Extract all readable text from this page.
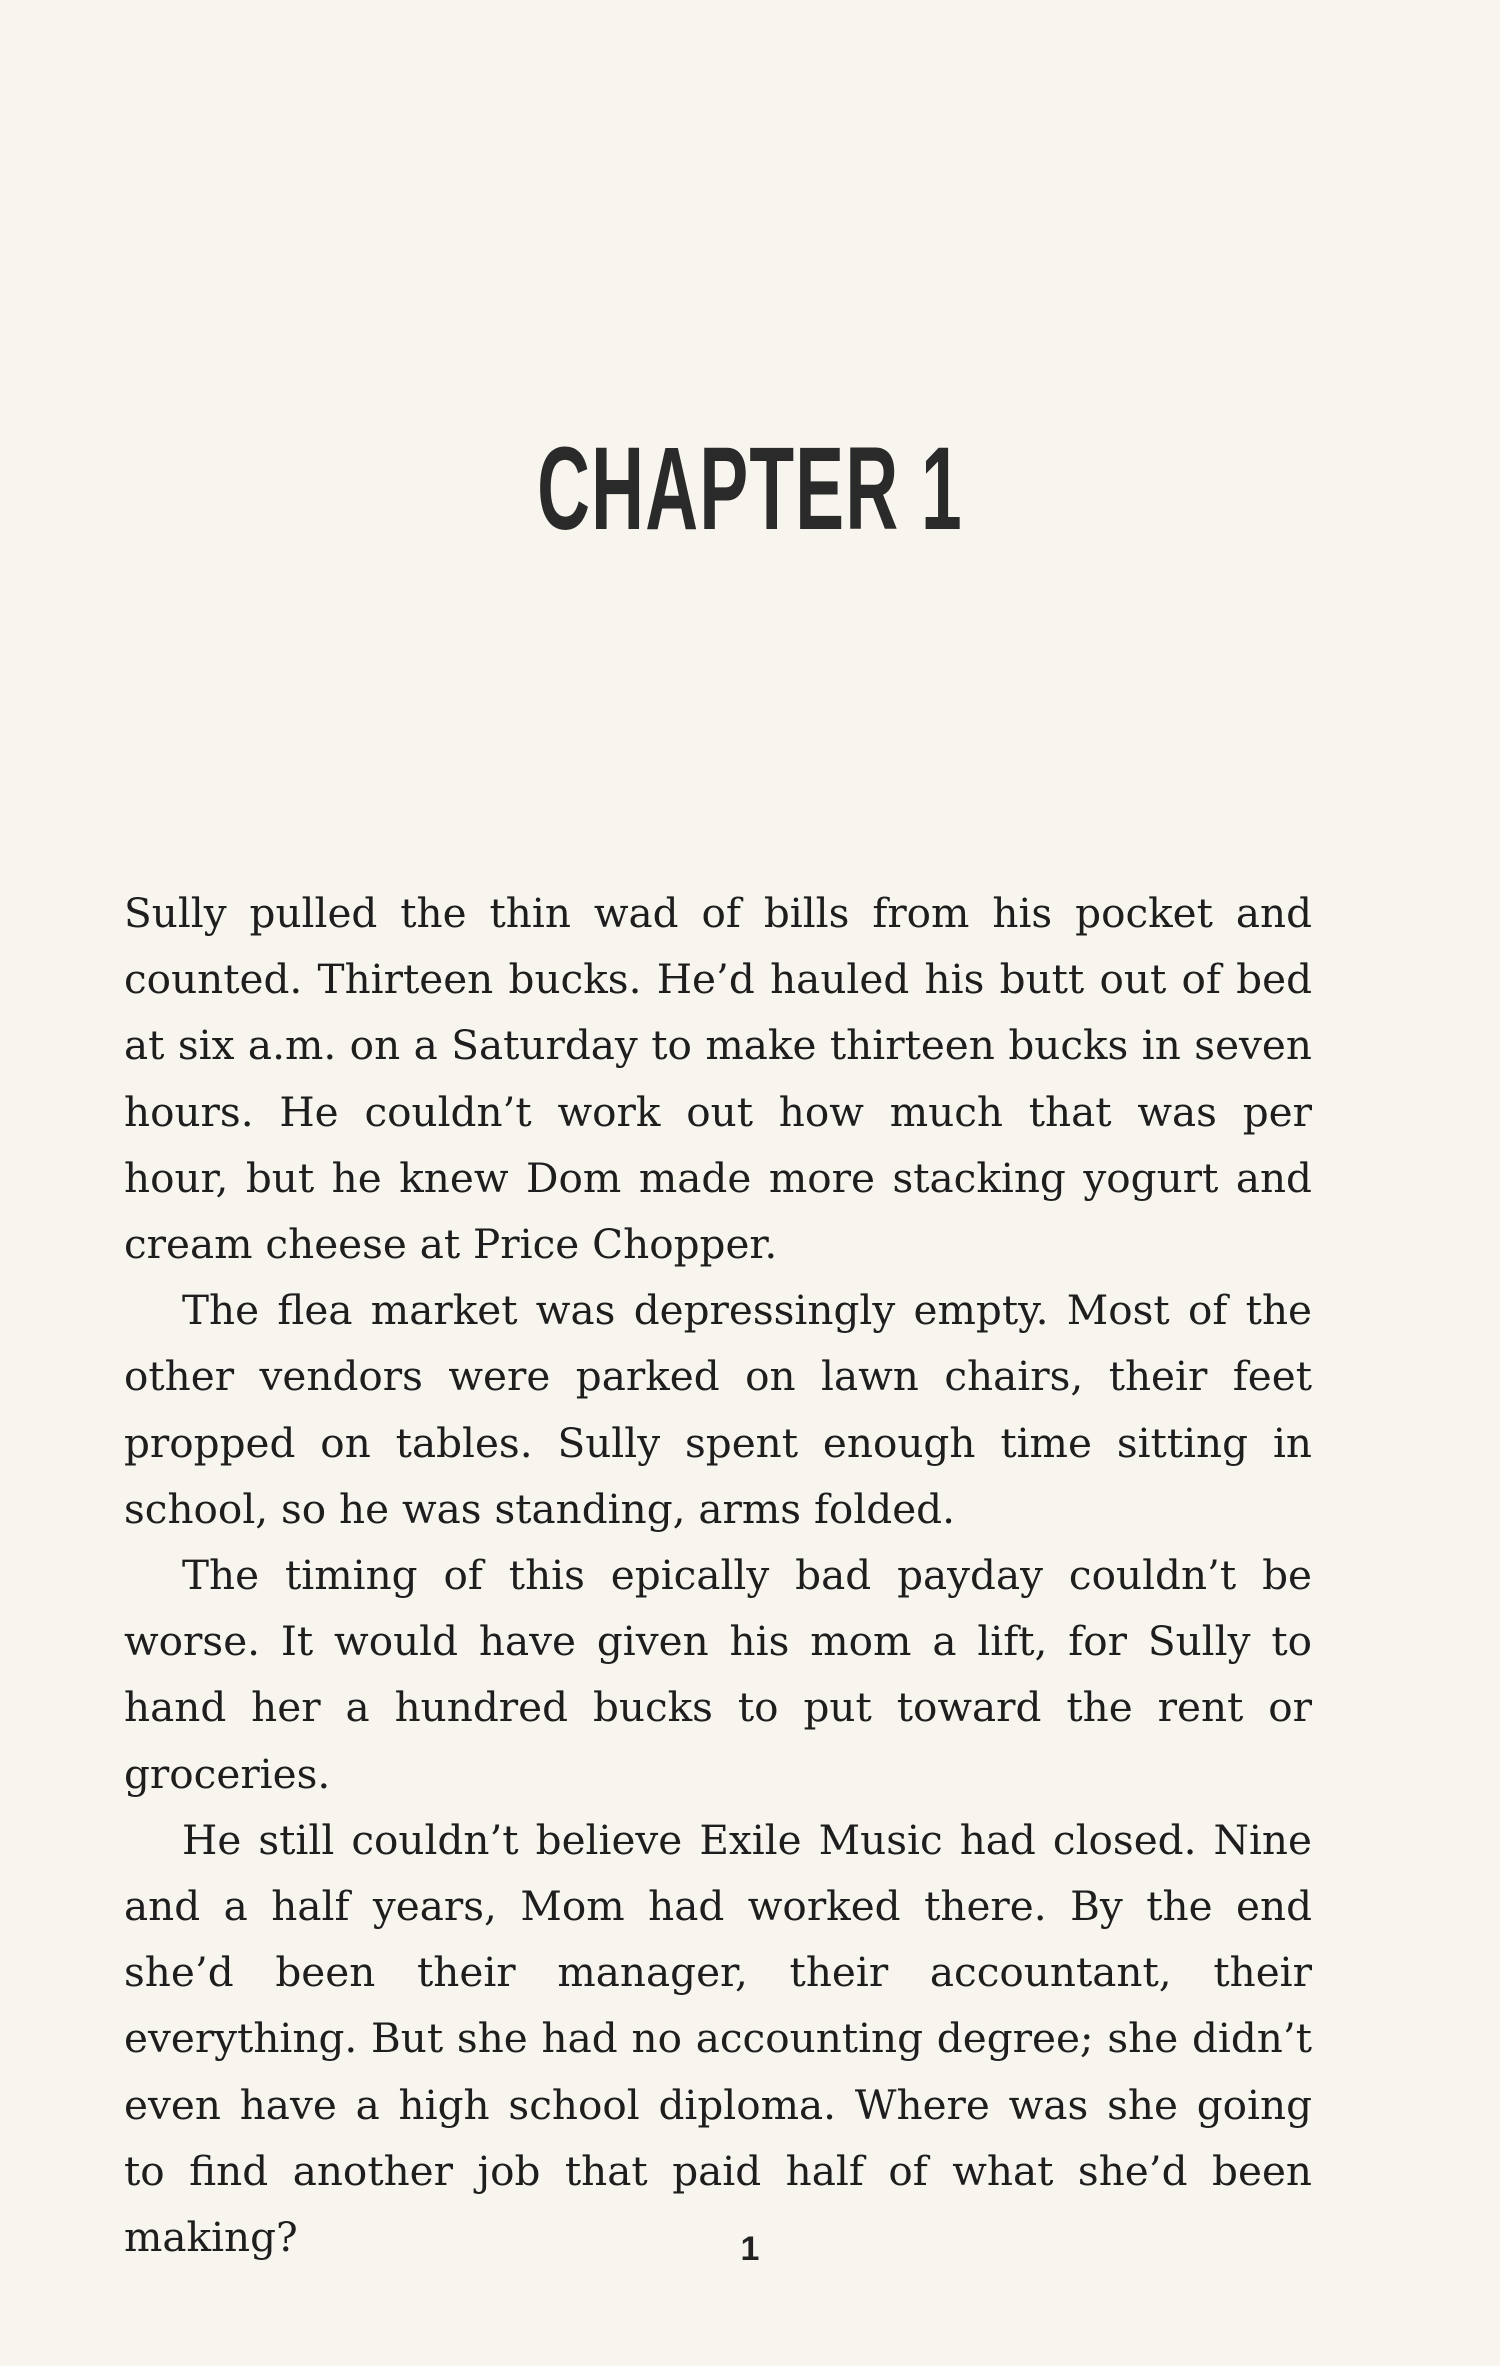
CHAPTER 1

Sully pulled the thin wad of bills from his pocket and counted. Thirteen bucks. He’d hauled his butt out of bed at six a.m. on a Saturday to make thirteen bucks in seven hours. He couldn’t work out how much that was per hour, but he knew Dom made more stacking yogurt and cream cheese at Price Chopper.

The flea market was depressingly empty. Most of the other vendors were parked on lawn chairs, their feet propped on tables. Sully spent enough time sitting in school, so he was standing, arms folded.

The timing of this epically bad payday couldn’t be worse. It would have given his mom a lift, for Sully to hand her a hundred bucks to put toward the rent or groceries.

He still couldn’t believe Exile Music had closed. Nine and a half years, Mom had worked there. By the end she’d been their manager, their accountant, their everything. But she had no accounting degree; she didn’t even have a high school diploma. Where was she going to find another job that paid half of what she’d been making?	1
